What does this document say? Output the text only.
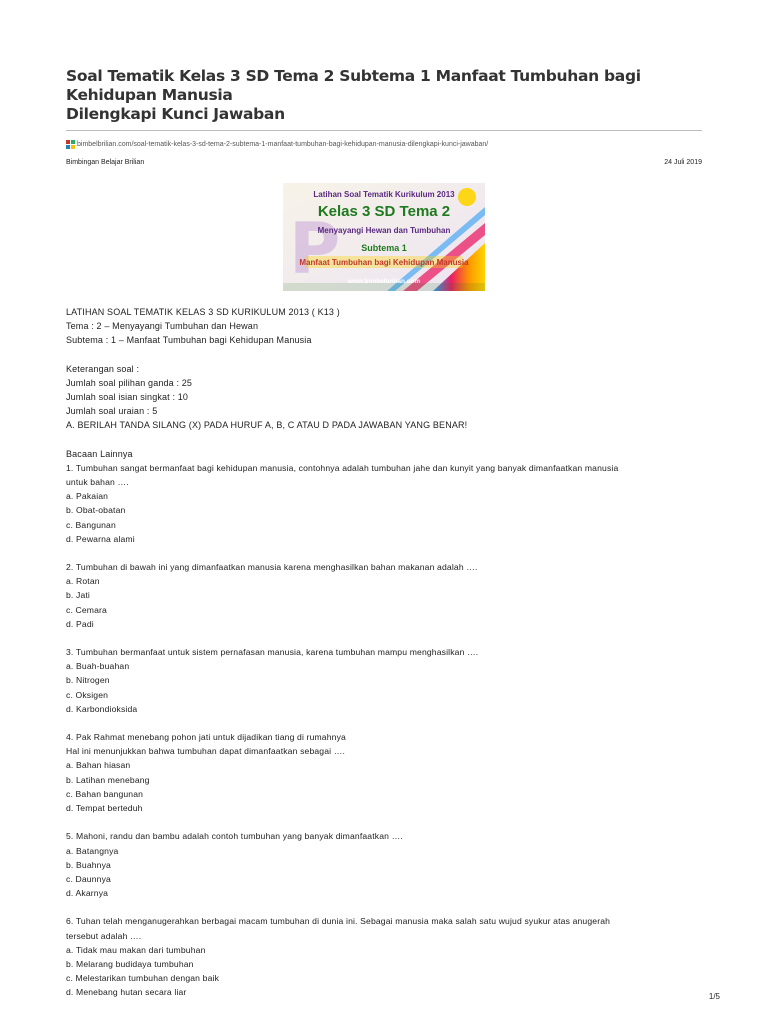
Soal Tematik Kelas 3 SD Tema 2 Subtema 1 Manfaat Tumbuhan bagi Kehidupan Manusia
Dilengkapi Kunci Jawaban
bimbelbrilian.com/soal-tematik-kelas-3-sd-tema-2-subtema-1-manfaat-tumbuhan-bagi-kehidupan-manusia-dilengkapi-kunci-jawaban/
Bimbingan Belajar Brilian	24 Juli 2019
P
Latihan Soal Tematik Kurikulum 2013
Kelas 3 SD Tema 2
Menyayangi Hewan dan Tumbuhan
Subtema 1
Manfaat Tumbuhan bagi Kehidupan Manusia
www.bimbelbrilian.com

LATIHAN SOAL TEMATIK KELAS 3 SD KURIKULUM 2013 ( K13 )

Tema : 2 – Menyayangi Tumbuhan dan Hewan

Subtema : 1 – Manfaat Tumbuhan bagi Kehidupan Manusia

Keterangan soal :

Jumlah soal pilihan ganda : 25

Jumlah soal isian singkat : 10

Jumlah soal uraian : 5

A. BERILAH TANDA SILANG (X) PADA HURUF A, B, C ATAU D PADA JAWABAN YANG BENAR!

Bacaan Lainnya

1. Tumbuhan sangat bermanfaat bagi kehidupan manusia, contohnya adalah tumbuhan jahe dan kunyit yang banyak dimanfaatkan manusia

untuk bahan ….

a. Pakaian

b. Obat-obatan

c. Bangunan

d. Pewarna alami

2. Tumbuhan di bawah ini yang dimanfaatkan manusia karena menghasilkan bahan makanan adalah ….

a. Rotan

b. Jati

c. Cemara

d. Padi

3. Tumbuhan bermanfaat untuk sistem pernafasan manusia, karena tumbuhan mampu menghasilkan ….

a. Buah-buahan

b. Nitrogen

c. Oksigen

d. Karbondioksida

4. Pak Rahmat menebang pohon jati untuk dijadikan tiang di rumahnya

Hal ini menunjukkan bahwa tumbuhan dapat dimanfaatkan sebagai ….

a. Bahan hiasan

b. Latihan menebang

c. Bahan bangunan

d. Tempat berteduh

5. Mahoni, randu dan bambu adalah contoh tumbuhan yang banyak dimanfaatkan ….

a. Batangnya

b. Buahnya

c. Daunnya

d. Akarnya

6. Tuhan telah menganugerahkan berbagai macam tumbuhan di dunia ini. Sebagai manusia maka salah satu wujud syukur atas anugerah

tersebut adalah ….

a. Tidak mau makan dari tumbuhan

b. Melarang budidaya tumbuhan

c. Melestarikan tumbuhan dengan baik

d. Menebang hutan secara liar	1/5
